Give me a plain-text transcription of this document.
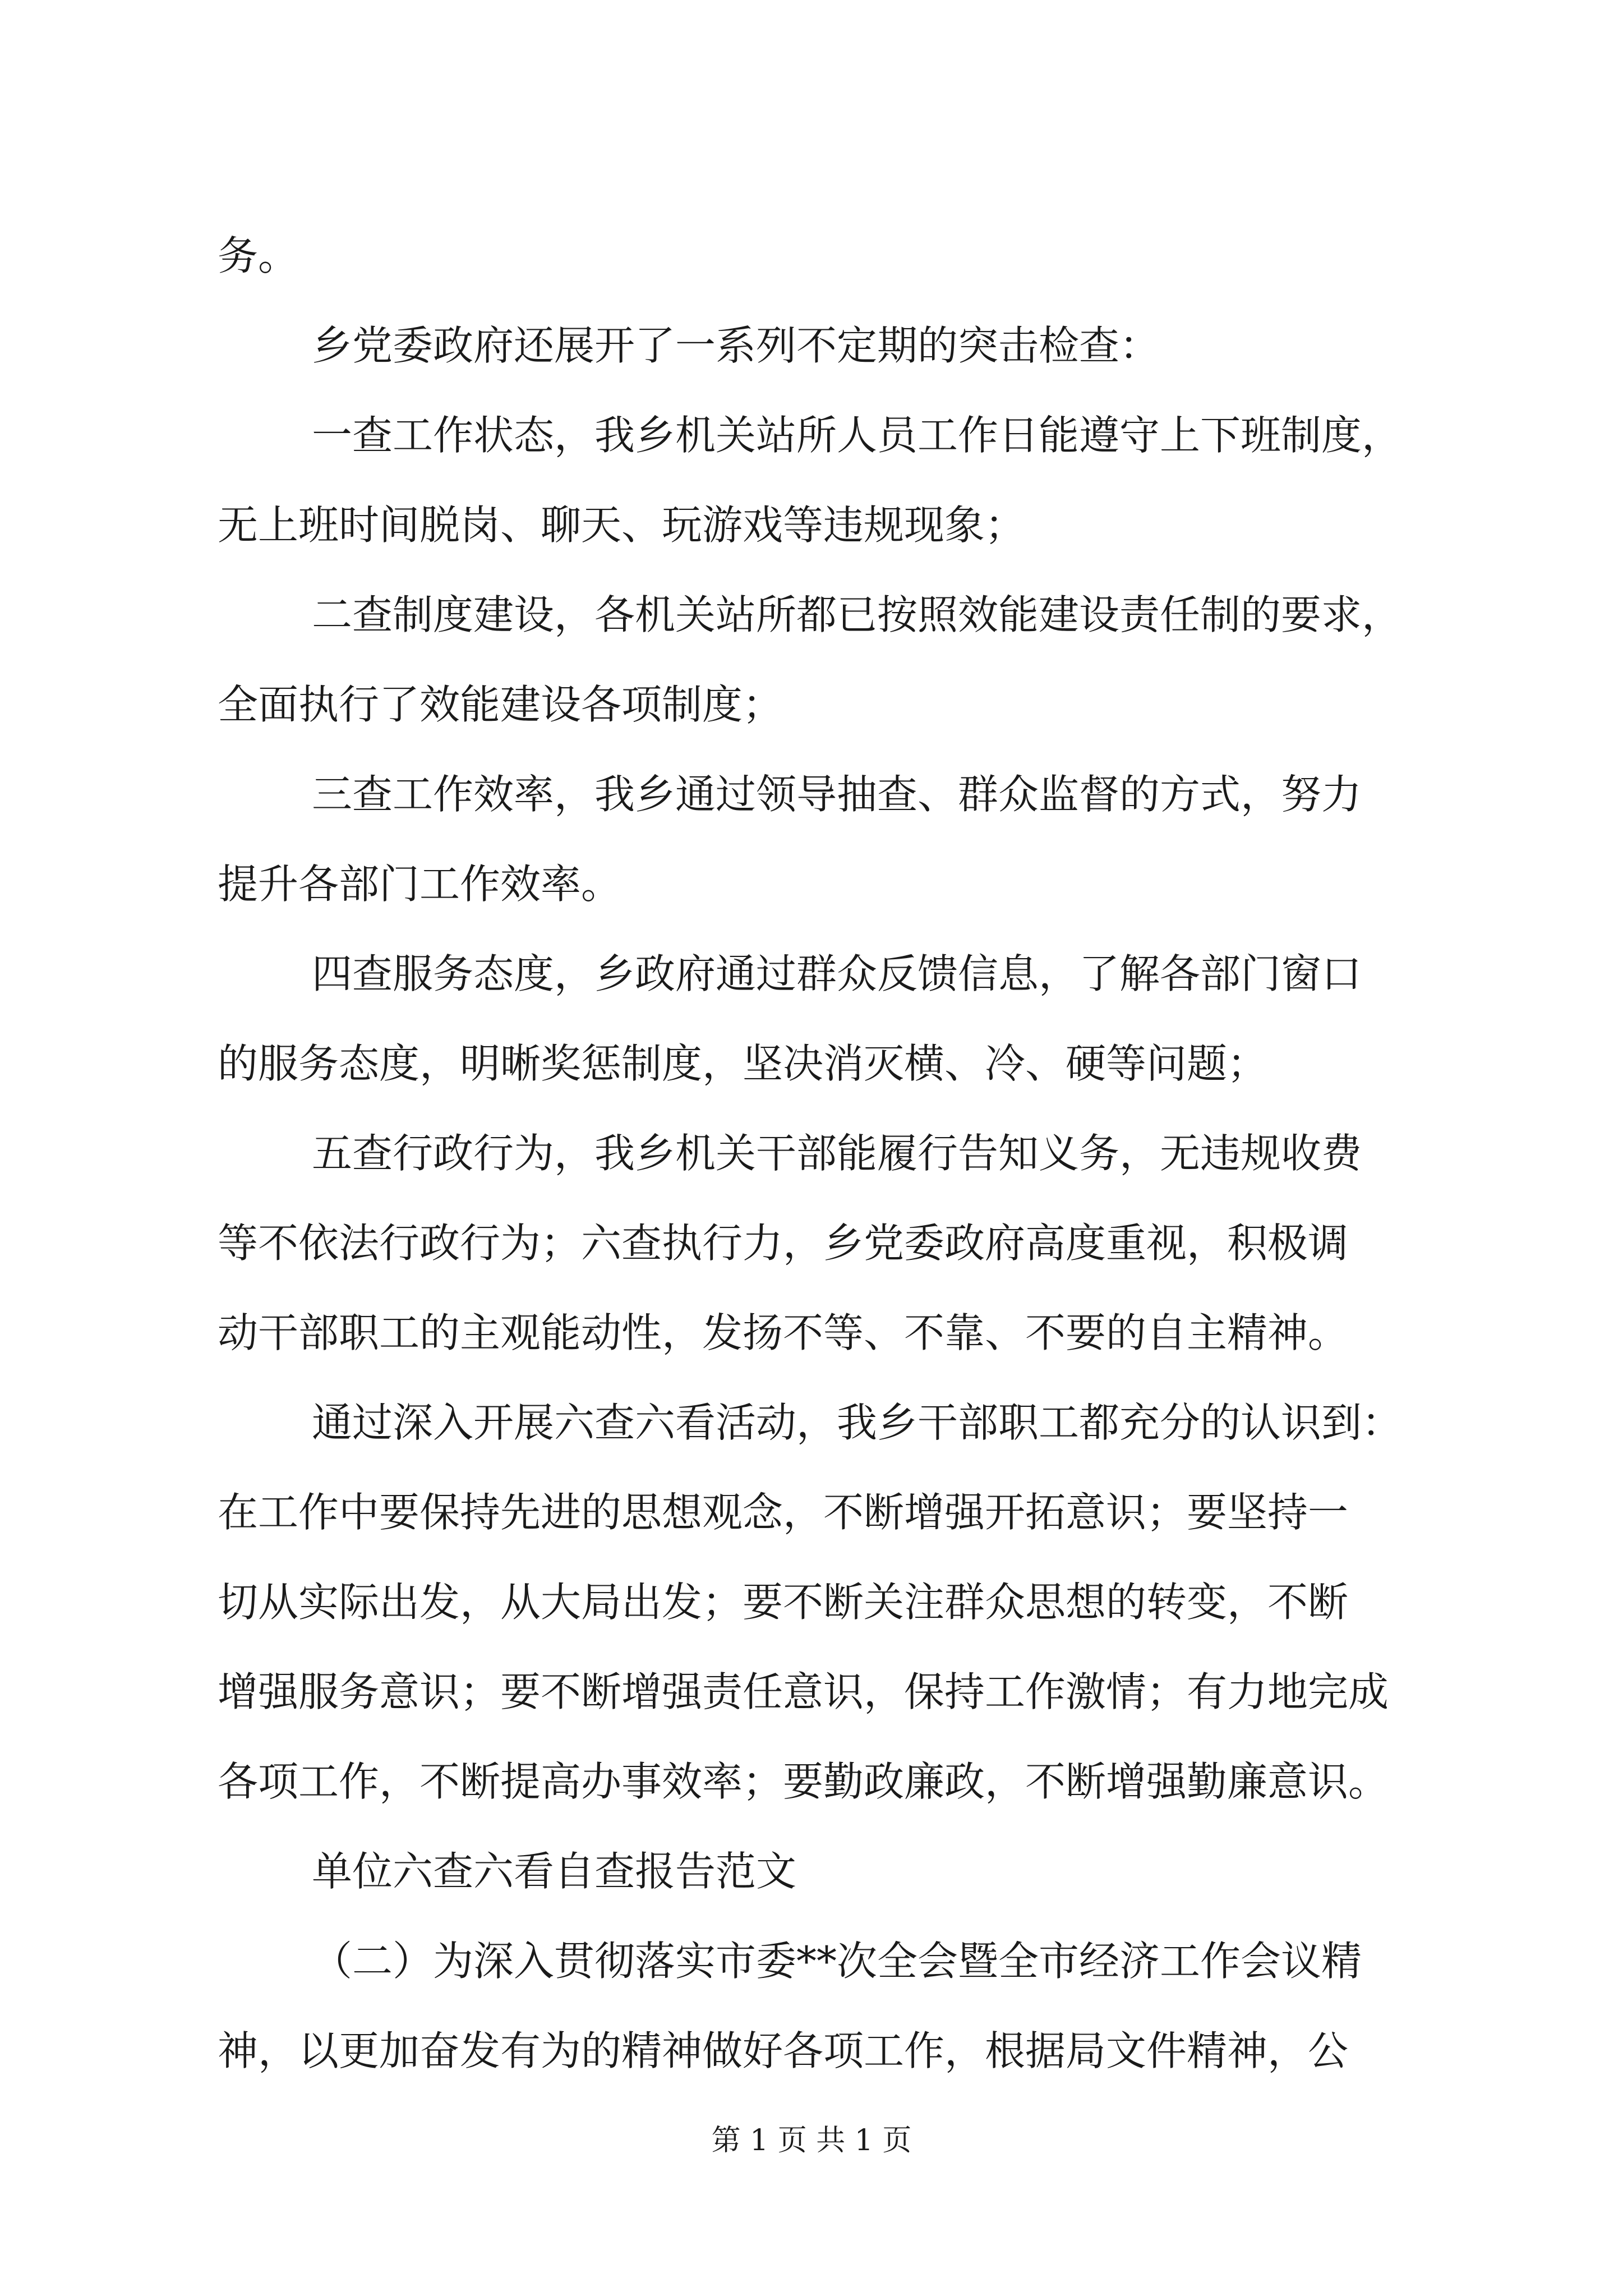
务。
乡党委政府还展开了一系列不定期的突击检查：
一查工作状态，我乡机关站所人员工作日能遵守上下班制度，
无上班时间脱岗、聊天、玩游戏等违规现象；
二查制度建设，各机关站所都已按照效能建设责任制的要求，
全面执行了效能建设各项制度；
三查工作效率，我乡通过领导抽查、群众监督的方式，努力
提升各部门工作效率。
四查服务态度，乡政府通过群众反馈信息，了解各部门窗口
的服务态度，明晰奖惩制度，坚决消灭横、冷、硬等问题；
五查行政行为，我乡机关干部能履行告知义务，无违规收费
等不依法行政行为；六查执行力，乡党委政府高度重视，积极调
动干部职工的主观能动性，发扬不等、不靠、不要的自主精神。
通过深入开展六查六看活动，我乡干部职工都充分的认识到：
在工作中要保持先进的思想观念，不断增强开拓意识；要坚持一
切从实际出发，从大局出发；要不断关注群众思想的转变，不断
增强服务意识；要不断增强责任意识，保持工作激情；有力地完成
各项工作，不断提高办事效率；要勤政廉政，不断增强勤廉意识。
单位六查六看自查报告范文
（二）为深入贯彻落实市委**次全会暨全市经济工作会议精
神，以更加奋发有为的精神做好各项工作，根据局文件精神，公
第 1 页 共 1 页
